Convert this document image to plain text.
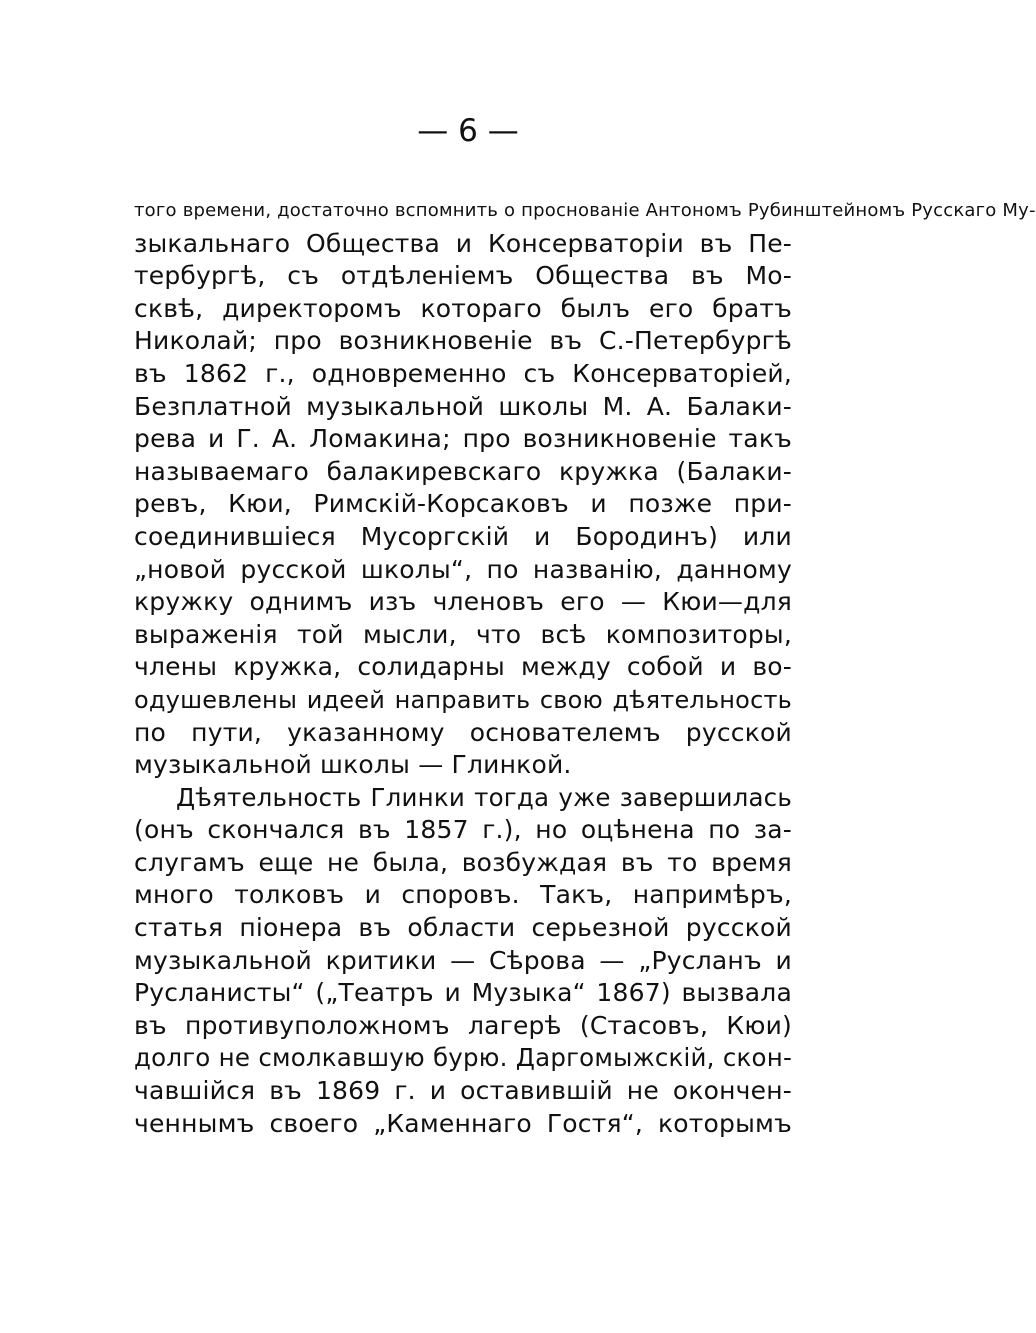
— 6 —
того времени, достаточно вспомнить о проснованіе Антономъ Рубинштейномъ Русскаго Му-
зыкальнаго Общества и Консерваторіи въ Пе-
тербургѣ, съ отдѣленіемъ Общества въ Мо-
сквѣ, директоромъ котораго былъ его братъ
Николай; про возникновеніе въ С.-Петербургѣ
въ 1862 г., одновременно съ Консерваторіей,
Безплатной музыкальной школы М. А. Балаки-
рева и Г. А. Ломакина; про возникновеніе такъ
называемаго балакиревскаго кружка (Балаки-
ревъ, Кюи, Римскій-Корсаковъ и позже при-
соединившіеся Мусоргскій и Бородинъ) или
„новой русской школы“, по названію, данному
кружку однимъ изъ членовъ его — Кюи—для
выраженія той мысли, что всѣ композиторы,
члены кружка, солидарны между собой и во-
одушевлены идеей направить свою дѣятельность
по пути, указанному основателемъ русской
музыкальной школы — Глинкой.
Дѣятельность Глинки тогда уже завершилась
(онъ скончался въ 1857 г.), но оцѣнена по за-
слугамъ еще не была, возбуждая въ то время
много толковъ и споровъ. Такъ, напримѣръ,
статья піонера въ области серьезной русской
музыкальной критики — Сѣрова — „Русланъ и
Русланисты“ („Театръ и Музыка“ 1867) вызвала
въ противуположномъ лагерѣ (Стасовъ, Кюи)
долго не смолкавшую бурю. Даргомыжскій, скон-
чавшійся въ 1869 г. и оставившій не окончен-
ченнымъ своего „Каменнаго Гостя“, которымъ
